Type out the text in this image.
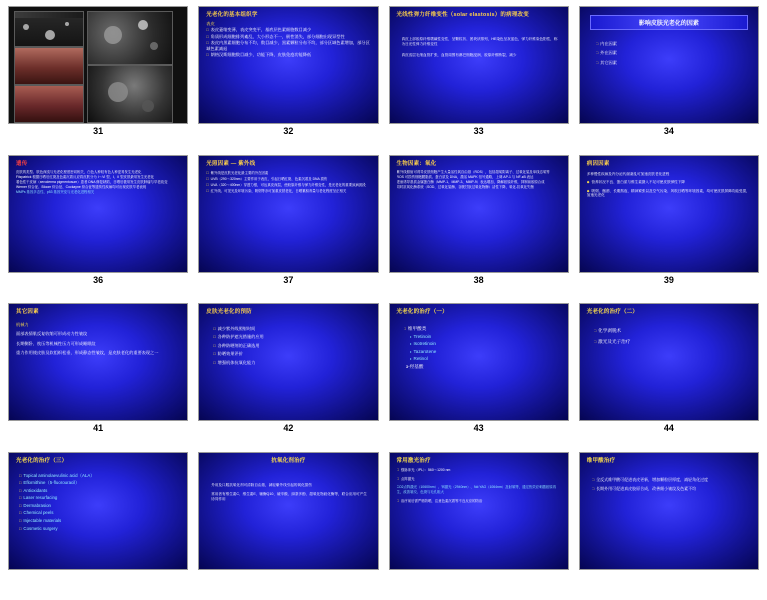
31
光老化的基本组织学
表皮
□ 表皮萎缩变薄，表皮突变平，基底层色素细胞数目减少
□ 角质形成细胞排列紊乱，大小形态不一，极性消失，部分细胞出现异型性
□ 表皮内黑素细胞分布不均，数目减少，黑素颗粒分布不均，部分区域色素增加，部分区域色素减退
□ 朗格汉斯细胞数目减少，功能下降，皮肤免疫功能降低
32
光线性弹力纤维变性（solar elastosis）的病理改变
真皮上部胶原纤维嗜碱性变性，呈颗粒状、团块状排列，HE染色呈灰蓝色，弹力纤维染色阳性，称为日光性弹力纤维变性
真皮浅层毛细血管扩张，血管周围有淋巴细胞浸润，胶原纤维断裂、减少
33
影响皮肤光老化的因素
□ 内在因素
□ 外在因素
□ 其它因素
34
遗传
皮肤的类型、肤色深浅与光老化程度密切相关，白色人种较有色人种更易发生光老化
Fitzpatrick 根据日晒后红斑及色素沉着反应将皮肤分为 I～VI 型，I、II 型皮肤最易发生光老化
着色性干皮病（xeroderma pigmentosum）患者 DNA 修复缺陷，日晒后极易发生皮肤肿瘤与早老改变
Werner 综合征、Bloom 综合征、Cockayne 综合征等遗传性疾病均可出现皮肤早老表现
MMPs 基因多态性、p53 基因突变与光老化进程相关
36
光照因素 — 紫外线
□ 紫外线是皮肤光老化最主要的外在因素
□ UVB（290～320nm）主要作用于表皮，引起日晒红斑、色素沉着及 DNA 损伤
□ UVA（320～400nm）穿透力强，可达真皮深层，使胶原纤维与弹力纤维变性，是光老化的重要致病波段
□ 红外线、可见光及环境污染、吸烟等亦可加重皮肤老化，日晒累积剂量与老化程度呈正相关
37
生物因素：氧化
紫外线照射可诱导皮肤细胞产生大量活性氧自由基（ROS），包括超氧阴离子、过氧化氢及单线态氧等
ROS 可损伤细胞膜脂质、蛋白质及 DNA，激活 MAPK 信号通路，上调 AP-1 与 NF-κB 表达
进而诱导基质金属蛋白酶（MMP-1、MMP-3、MMP-9）表达增加，降解胶原纤维，抑制前胶原合成
同时抗氧化酶系统（SOD、过氧化氢酶、谷胱甘肽过氧化物酶）活性下降，氧化-抗氧化失衡
38
病因因素
多种慢性疾病及内分泌代谢紊乱可加速皮肤老化进程
◆ 营养状况不良、蛋白质与维生素摄入不足可使皮肤弹性下降
◆ 吸烟、酗酒、长期熬夜、精神紧张以及空气污染、风吹日晒等环境因素，均可使皮肤屏障功能受损，加速光老化
39
其它因素
机械力
面部表情肌反复收缩可形成动力性皱纹
长期侧卧、枕压等机械性压力可形成睡眠纹
重力作用使皮肤及软组织松垂，形成静态性皱纹，是皮肤老化的重要表现之一
41
皮肤光老化的预防
□ 减少紫外线照射时间
□ 各种防护遮光措施的应用
□ 各种防晒剂的正确选用
□ 防晒效果评价
□ 增强机体抗氧化能力
42
光老化的治疗（一）
□ 维甲酸类
▸ Tretinoin
▸ Isotretinoin
▸ Tazarotene
▸ Retinol
α-羟基酸
43
光老化的治疗（二）
□ 化学剥脱术
□ 激光及光子治疗
44
光老化的治疗（三）
□ Topical aminolaevulinic acid（ALA）
□ Eflornithine（5-fluorouracil）
□ Antioxidants
□ Laser resurfacing
□ Dermabrasion
□ Chemical peels
□ Injectable materials
□ Cosmetic surgery
抗氧化剂治疗
外用及口服抗氧化剂可清除自由基，减轻紫外线引起的氧化损伤
常用者有维生素C、维生素E、辅酶Q10、硫辛酸、绿茶多酚、超氧化物歧化酶等，联合应用可产生协同作用
常用激光治疗
□ 强脉冲光（IPL）：560～1200 nm
□ 点阵激光
CO2点阵激光（10600nm）、铒激光（2940nm）、Nd:YAG（1064nm）及射频等，通过热效应刺激胶原再生，改善皱纹、色斑与毛孔粗大
□ 治疗前后需严格防晒，注意色素沉着等不良反应的防治
维甲酸治疗
□ 全反式维甲酸可促进表皮更新，增加颗粒层厚度，减轻角化过度
□ 长期外用可促进真皮胶原合成，改善细小皱纹及色素不均
